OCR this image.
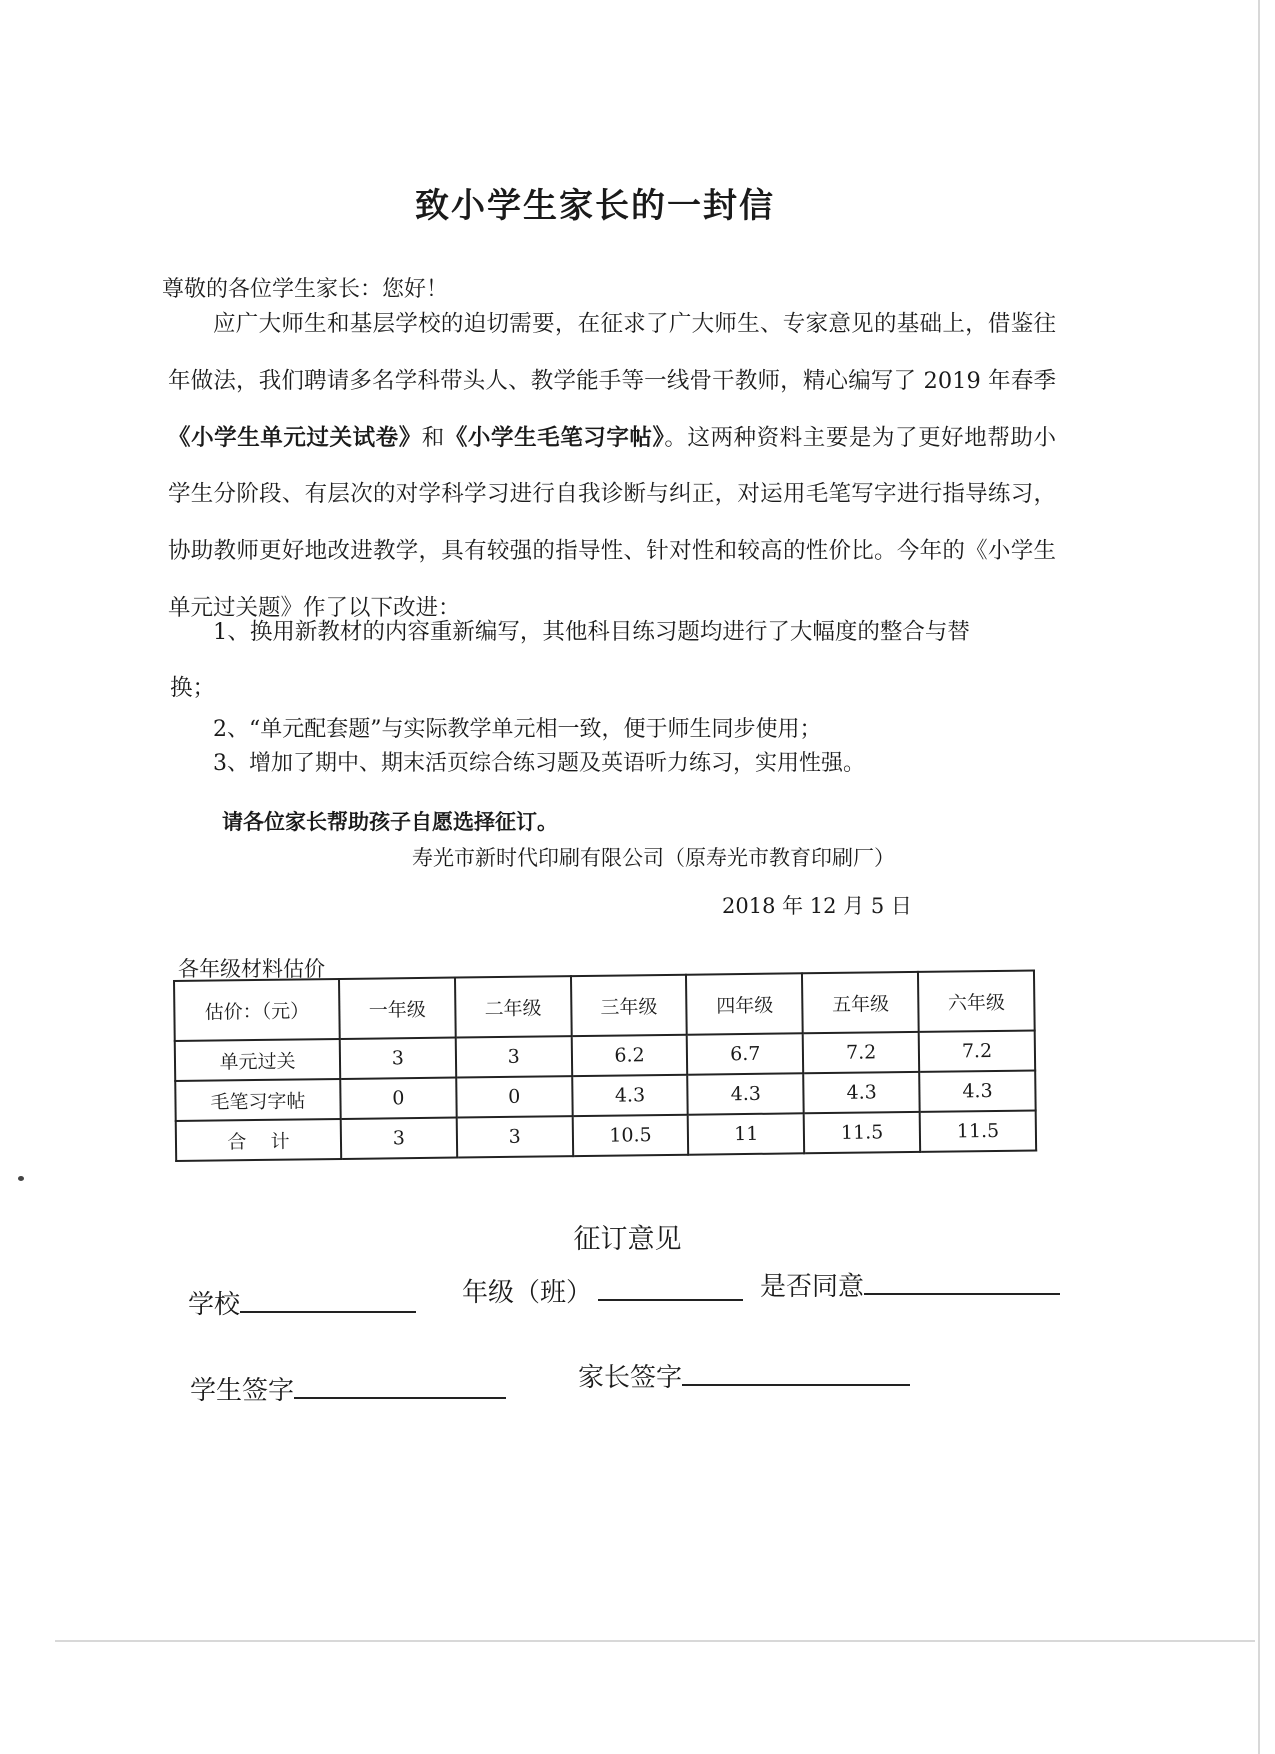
致小学生家长的一封信
尊敬的各位学生家长：您好！
应广大师生和基层学校的迫切需要，在征求了广大师生、专家意见的基础上，借鉴往年做法，我们聘请多名学科带头人、教学能手等一线骨干教师，精心编写了 2019 年春季《小学生单元过关试卷》和《小学生毛笔习字帖》。这两种资料主要是为了更好地帮助小学生分阶段、有层次的对学科学习进行自我诊断与纠正，对运用毛笔写字进行指导练习，协助教师更好地改进教学，具有较强的指导性、针对性和较高的性价比。今年的《小学生单元过关题》作了以下改进：
1、换用新教材的内容重新编写，其他科目练习题均进行了大幅度的整合与替
换；
2、“单元配套题”与实际教学单元相一致，便于师生同步使用；
3、增加了期中、期末活页综合练习题及英语听力练习，实用性强。
请各位家长帮助孩子自愿选择征订。
寿光市新时代印刷有限公司（原寿光市教育印刷厂）
2018 年 12 月 5 日
各年级材料估价
估价：（元）	一年级	二年级	三年级	四年级	五年级	六年级
单元过关	3	3	6.2	6.7	7.2	7.2
毛笔习字帖	0	0	4.3	4.3	4.3	4.3
合    计	3	3	10.5	11	11.5	11.5
征订意见
学校	年级（班）	是否同意
学生签字	家长签字
